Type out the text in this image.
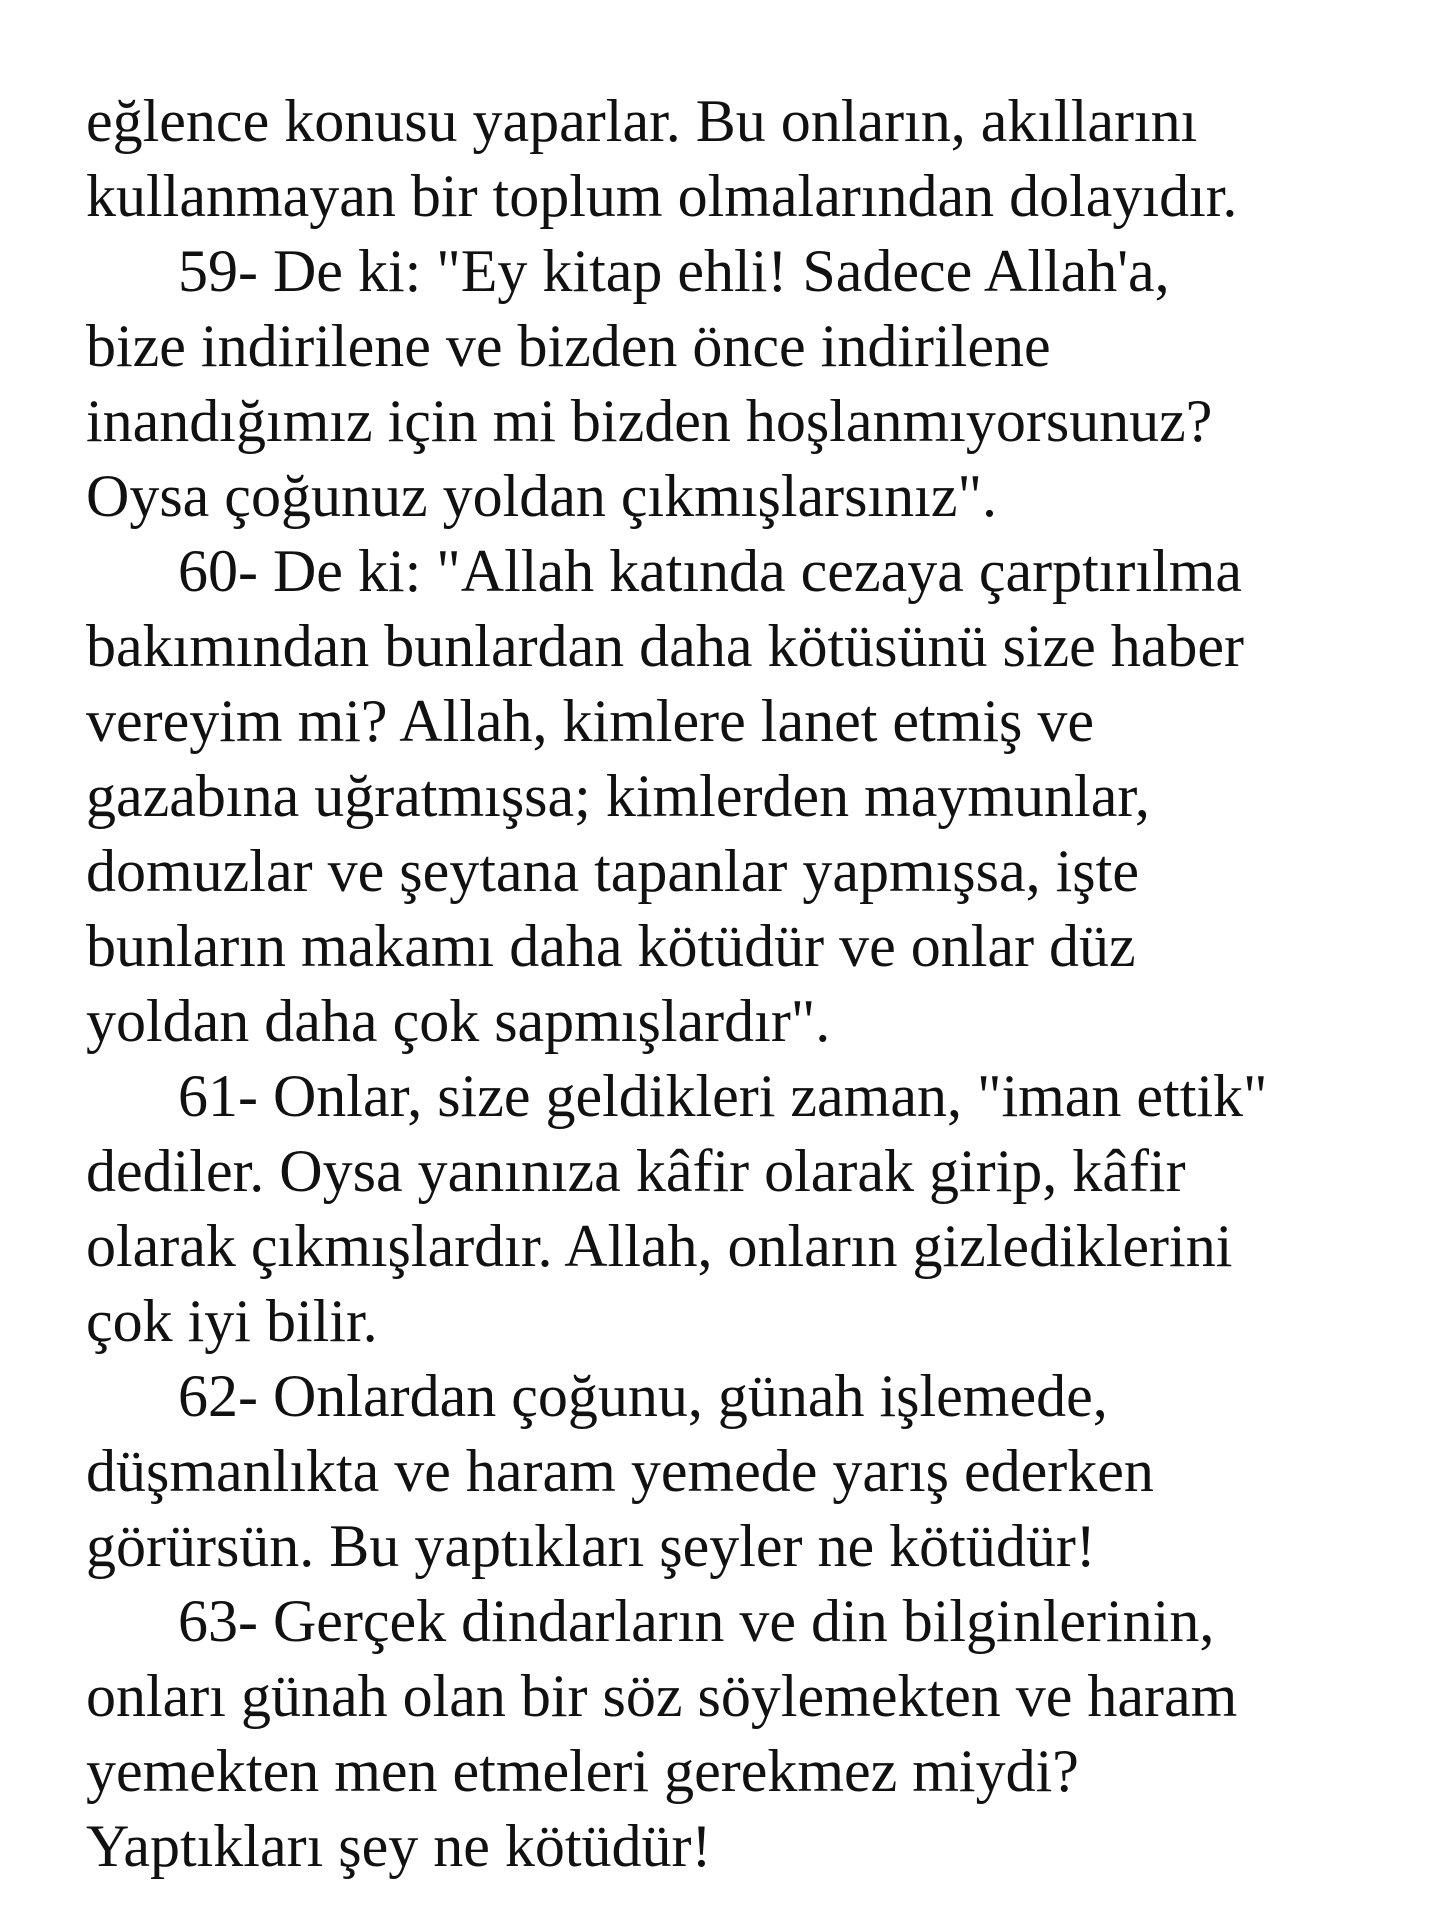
eğlence konusu yaparlar. Bu onların, akıllarını
kullanmayan bir toplum olmalarından dolayıdır.
59- De ki: "Ey kitap ehli! Sadece Allah'a,
bize indirilene ve bizden önce indirilene
inandığımız için mi bizden hoşlanmıyorsunuz?
Oysa çoğunuz yoldan çıkmışlarsınız".
60- De ki: "Allah katında cezaya çarptırılma
bakımından bunlardan daha kötüsünü size haber
vereyim mi? Allah, kimlere lanet etmiş ve
gazabına uğratmışsa; kimlerden maymunlar,
domuzlar ve şeytana tapanlar yapmışsa, işte
bunların makamı daha kötüdür ve onlar düz
yoldan daha çok sapmışlardır".
61- Onlar, size geldikleri zaman, "iman ettik"
dediler. Oysa yanınıza kâfir olarak girip, kâfir
olarak çıkmışlardır. Allah, onların gizlediklerini
çok iyi bilir.
62- Onlardan çoğunu, günah işlemede,
düşmanlıkta ve haram yemede yarış ederken
görürsün. Bu yaptıkları şeyler ne kötüdür!
63- Gerçek dindarların ve din bilginlerinin,
onları günah olan bir söz söylemekten ve haram
yemekten men etmeleri gerekmez miydi?
Yaptıkları şey ne kötüdür!
